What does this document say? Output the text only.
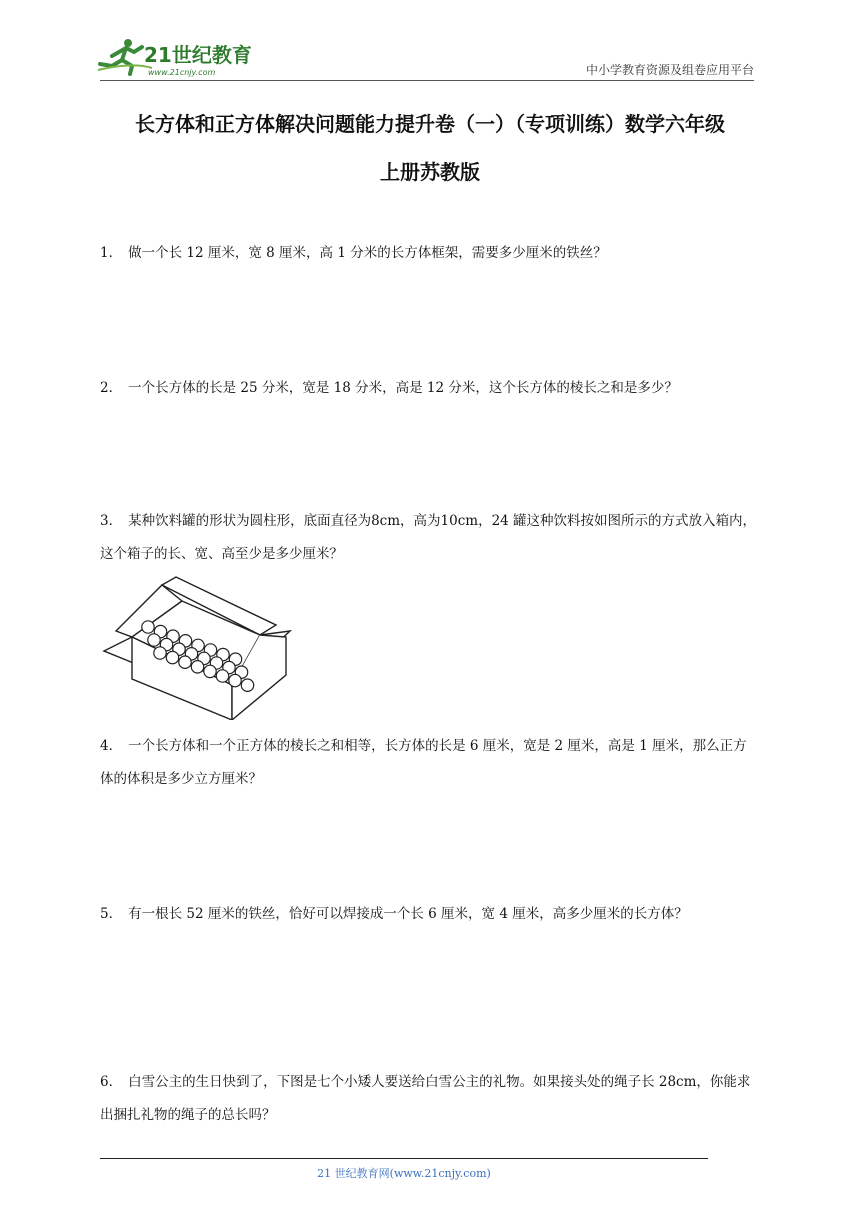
21世纪教育
www.21cnjy.com	中小学教育资源及组卷应用平台
长方体和正方体解决问题能力提升卷（一）（专项训练）数学六年级
上册苏教版
1． 做一个长 12 厘米，宽 8 厘米，高 1 分米的长方体框架，需要多少厘米的铁丝？
2． 一个长方体的长是 25 分米，宽是 18 分米，高是 12 分米，这个长方体的棱长之和是多少？
3． 某种饮料罐的形状为圆柱形，底面直径为8cm，高为10cm，24 罐这种饮料按如图所示的方式放入箱内，这个箱子的长、宽、高至少是多少厘米？
4． 一个长方体和一个正方体的棱长之和相等，长方体的长是 6 厘米，宽是 2 厘米，高是 1 厘米，那么正方体的体积是多少立方厘米？
5． 有一根长 52 厘米的铁丝，恰好可以焊接成一个长 6 厘米，宽 4 厘米，高多少厘米的长方体？
6． 白雪公主的生日快到了，下图是七个小矮人要送给白雪公主的礼物。如果接头处的绳子长 28cm，你能求出捆扎礼物的绳子的总长吗？
21 世纪教育网(www.21cnjy.com)
